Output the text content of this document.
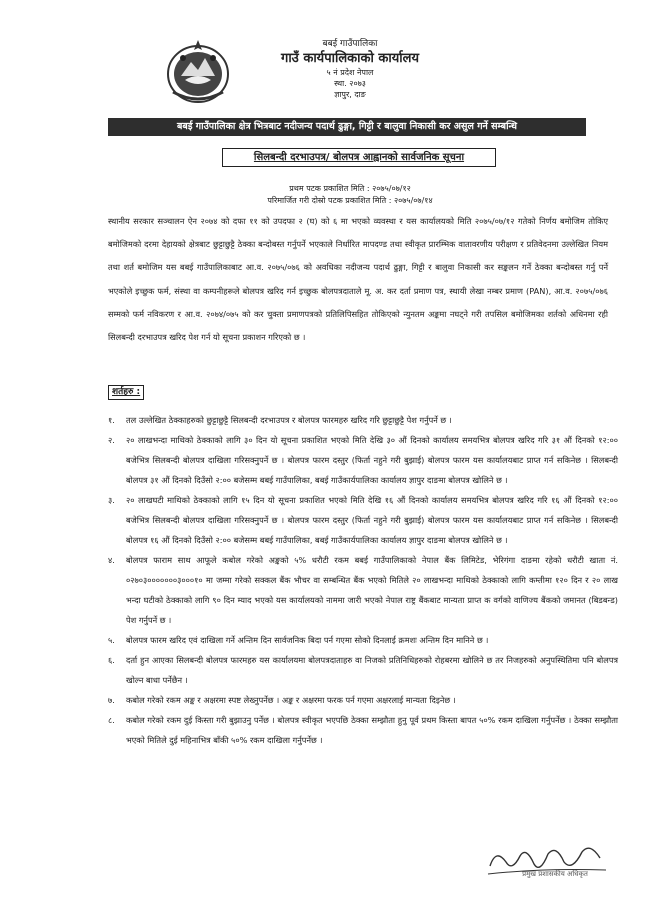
बबई गाउँपालिका
गाउँ कार्यपालिकाको कार्यालय
५ नं प्रदेश नेपाल
स्था. २०७३
ज्ञापुर, दाङ
बबई गाउँपालिका क्षेत्र भित्रबाट नदीजन्य पदार्थ ढुङ्गा, गिट्टी र बालुवा निकासी कर असुल गर्ने सम्बन्धि
सिलबन्दी दरभाउपत्र/ बोलपत्र आह्वानको सार्वजनिक सूचना
प्रथम पटक प्रकाशित मिति : २०७५/०७/१२
परिमार्जित गरी दोस्रो पटक प्रकाशित मिति : २०७५/०७/१४
स्थानीय सरकार सञ्चालन ऐन २०७४ को दफा ११ को उपदफा २ (घ) को ६ मा भएको व्यवस्था र यस कार्यालयको मिति २०७५/०७/१२ गतेको निर्णय बमोजिम तोकिए बमोजिमको दरमा देहायको क्षेत्रबाट छुट्टाछुट्टै ठेक्का बन्दोबस्त गर्नुपर्ने भएकाले निर्धारित मापदण्ड तथा स्वीकृत प्रारम्भिक वातावरणीय परीक्षण र प्रतिवेदनमा उल्लेखित नियम तथा शर्त बमोजिम यस बबई गाउँपालिकाबाट आ.व. २०७५/०७६ को अवधिका नदीजन्य पदार्थ ढुङ्गा, गिट्टी र बालुवा निकासी कर सङ्कलन गर्ने ठेक्का बन्दोबस्त गर्नु पर्ने भएकोले इच्छुक फर्म, संस्था वा कम्पनीहरूले बोलपत्र खरिद गर्न इच्छुक बोलपत्रदाताले मू. अ. कर दर्ता प्रमाण पत्र, स्थायी लेखा नम्बर प्रमाण (PAN), आ.व. २०७५/०७६ सम्मको फर्म नविकरण र आ.व. २०७४/०७५ को कर चुक्ता प्रमाणपत्रको प्रतिलिपिसहित तोकिएको न्युनतम अङ्कमा नघट्ने गरी तपसिल बमोजिमका शर्तको अधिनमा रही सिलबन्दी दरभाउपत्र खरिद पेश गर्न यो सूचना प्रकाशन गरिएको छ ।
शर्तहरु :
१. तल उल्लेखित ठेक्काहरुको छुट्टाछुट्टै सिलबन्दी दरभाउपत्र र बोलपत्र फारमहरु खरिद गरि छुट्टाछुट्टै पेश गर्नुपर्ने छ ।
२. २० लाखभन्दा माथिको ठेक्काको लागि ३० दिन यो सूचना प्रकाशित भएको मिति देखि ३० औं दिनको कार्यालय समयभित्र बोलपत्र खरिद गरि ३१ औं दिनको १२:०० बजेभित्र सिलबन्दी बोलपत्र दाखिला गरिसक्नुपर्ने छ । बोलपत्र फारम दस्तुर (फिर्ता नहुने गरी बुझाई) बोलपत्र फारम यस कार्यालयबाट प्राप्त गर्न सकिनेछ । सिलबन्दी बोलपत्र ३१ औं दिनको दिउँसो २:०० बजेसम्म बबई गाउँपालिका, बबई गाउँकार्यपालिका कार्यालय ज्ञापुर दाङमा बोलपत्र खोलिने छ ।
३. २० लाखघटी माथिको ठेक्काको लागि १५ दिन यो सूचना प्रकाशित भएको मिति देखि १६ औं दिनको कार्यालय समयभित्र बोलपत्र खरिद गरि १६ औं दिनको १२:०० बजेभित्र सिलबन्दी बोलपत्र दाखिला गरिसक्नुपर्ने छ । बोलपत्र फारम दस्तुर (फिर्ता नहुने गरी बुझाई) बोलपत्र फारम यस कार्यालयबाट प्राप्त गर्न सकिनेछ । सिलबन्दी बोलपत्र १६ औं दिनको दिउँसो २:०० बजेसम्म बबई गाउँपालिका, बबई गाउँकार्यपालिका कार्यालय ज्ञापुर दाङमा बोलपत्र खोलिने छ ।
४. बोलपत्र फाराम साथ आफूले कबोल गरेको अङ्कको ५% धरौटी रकम बबई गाउँपालिकाको नेपाल बैंक लिमिटेड, भेरिगंगा दाङमा रहेको धरौटी खाता नं. ०२७०३०००००००३०००१० मा जम्मा गरेको सक्कल बैंक भौचर वा सम्बन्धित बैंक भएको मितिले २० लाखभन्दा माथिको ठेक्काको लागि कम्तीमा १२० दिन र २० लाख भन्दा घटीको ठेक्काको लागि ९० दिन म्याद भएको यस कार्यालयको नाममा जारी भएको नेपाल राष्ट्र बैंकबाट मान्यता प्राप्त क वर्गको वाणिज्य बैंकको जमानत (बिडबन्ड) पेश गर्नुपर्ने छ ।
५. बोलपत्र फारम खरिद एवं दाखिला गर्ने अन्तिम दिन सार्वजनिक बिदा पर्न गएमा सोको दिनलाई क्रमशः अन्तिम दिन मानिने छ ।
६. दर्ता हुन आएका सिलबन्दी बोलपत्र फारमहरु यस कार्यालयमा बोलपत्रदाताहरु वा निजको प्रतिनिधिहरुको रोहबरमा खोलिने छ तर निजहरुको अनुपस्थितिमा पनि बोलपत्र खोल्न बाधा पर्नेछैन ।
७. कबोल गरेको रकम अङ्क र अक्षरमा स्पष्ट लेख्नुपर्नेछ । अङ्क र अक्षरमा फरक पर्न गएमा अक्षरलाई मान्यता दिइनेछ ।
८. कबोल गरेको रकम दुई किस्ता गरी बुझाउनु पर्नेछ । बोलपत्र स्वीकृत भएपछि ठेक्का सम्झौता हुनु पूर्व प्रथम किस्ता बापत ५०% रकम दाखिला गर्नुपर्नेछ । ठेक्का सम्झौता भएको मितिले दुई महिनाभित्र बाँकी ५०% रकम दाखिला गर्नुपर्नेछ ।
प्रमुख प्रशासकीय अधिकृत
